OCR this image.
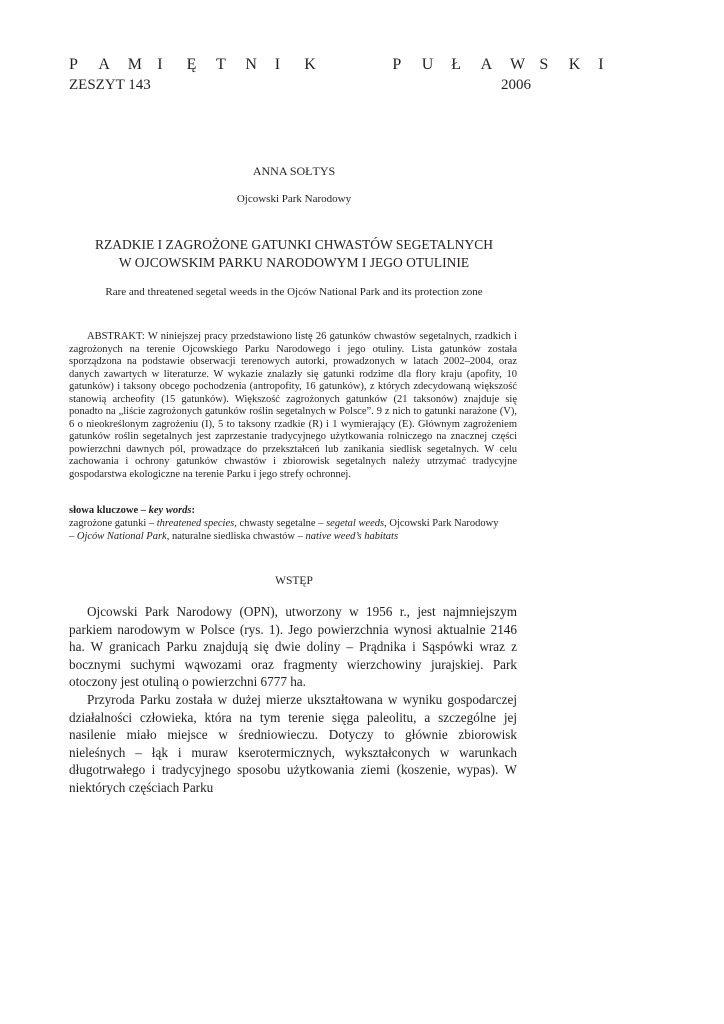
P A M I Ę T N I K	P U Ł A W S K I
ZESZYT 143	2006
ANNA SOŁTYS
Ojcowski Park Narodowy
RZADKIE I ZAGROŻONE GATUNKI CHWASTÓW SEGETALNYCH
W OJCOWSKIM PARKU NARODOWYM I JEGO OTULINIE
Rare and threatened segetal weeds in the Ojców National Park and its protection zone

ABSTRAKT: W niniejszej pracy przedstawiono listę 26 gatunków chwastów segetalnych, rzadkich i zagrożonych na terenie Ojcowskiego Parku Narodowego i jego otuliny. Lista gatunków została sporządzona na podstawie obserwacji terenowych autorki, prowadzonych w latach 2002–2004, oraz danych zawartych w literaturze. W wykazie znalazły się gatunki rodzime dla flory kraju (apofity, 10 gatunków) i taksony obcego pochodzenia (antropofity, 16 gatunków), z których zdecydowaną większość stanowią archeofity (15 gatunków). Większość zagrożonych gatunków (21 taksonów) znajduje się ponadto na „liście zagrożonych gatunków roślin segetalnych w Polsce”. 9 z nich to gatunki narażone (V), 6 o nieokreślonym zagrożeniu (I), 5 to taksony rzadkie (R) i 1 wymierający (E). Głównym zagrożeniem gatunków roślin segetalnych jest zaprzestanie tradycyjnego użytkowania rolniczego na znacznej części powierzchni dawnych pól, prowadzące do przekształceń lub zanikania siedlisk segetalnych. W celu zachowania i ochrony gatunków chwastów i zbiorowisk segetalnych należy utrzymać tradycyjne gospodarstwa ekologiczne na terenie Parku i jego strefy ochronnej.

słowa kluczowe – key words:
zagrożone gatunki – threatened species, chwasty segetalne – segetal weeds, Ojcowski Park Narodowy
– Ojców National Park, naturalne siedliska chwastów – native weed’s habitats
WSTĘP

Ojcowski Park Narodowy (OPN), utworzony w 1956 r., jest najmniejszym parkiem narodowym w Polsce (rys. 1). Jego powierzchnia wynosi aktualnie 2146 ha. W granicach Parku znajdują się dwie doliny – Prądnika i Sąspówki wraz z bocznymi suchymi wąwozami oraz fragmenty wierzchowiny jurajskiej. Park otoczony jest otuliną o powierzchni 6777 ha.

Przyroda Parku została w dużej mierze ukształtowana w wyniku gospodarczej działalności człowieka, która na tym terenie sięga paleolitu, a szczególne jej nasilenie miało miejsce w średniowieczu. Dotyczy to głównie zbiorowisk nieleśnych – łąk i muraw kserotermicznych, wykształconych w warunkach długotrwałego i tradycyjnego sposobu użytkowania ziemi (koszenie, wypas). W niektórych częściach Parku
